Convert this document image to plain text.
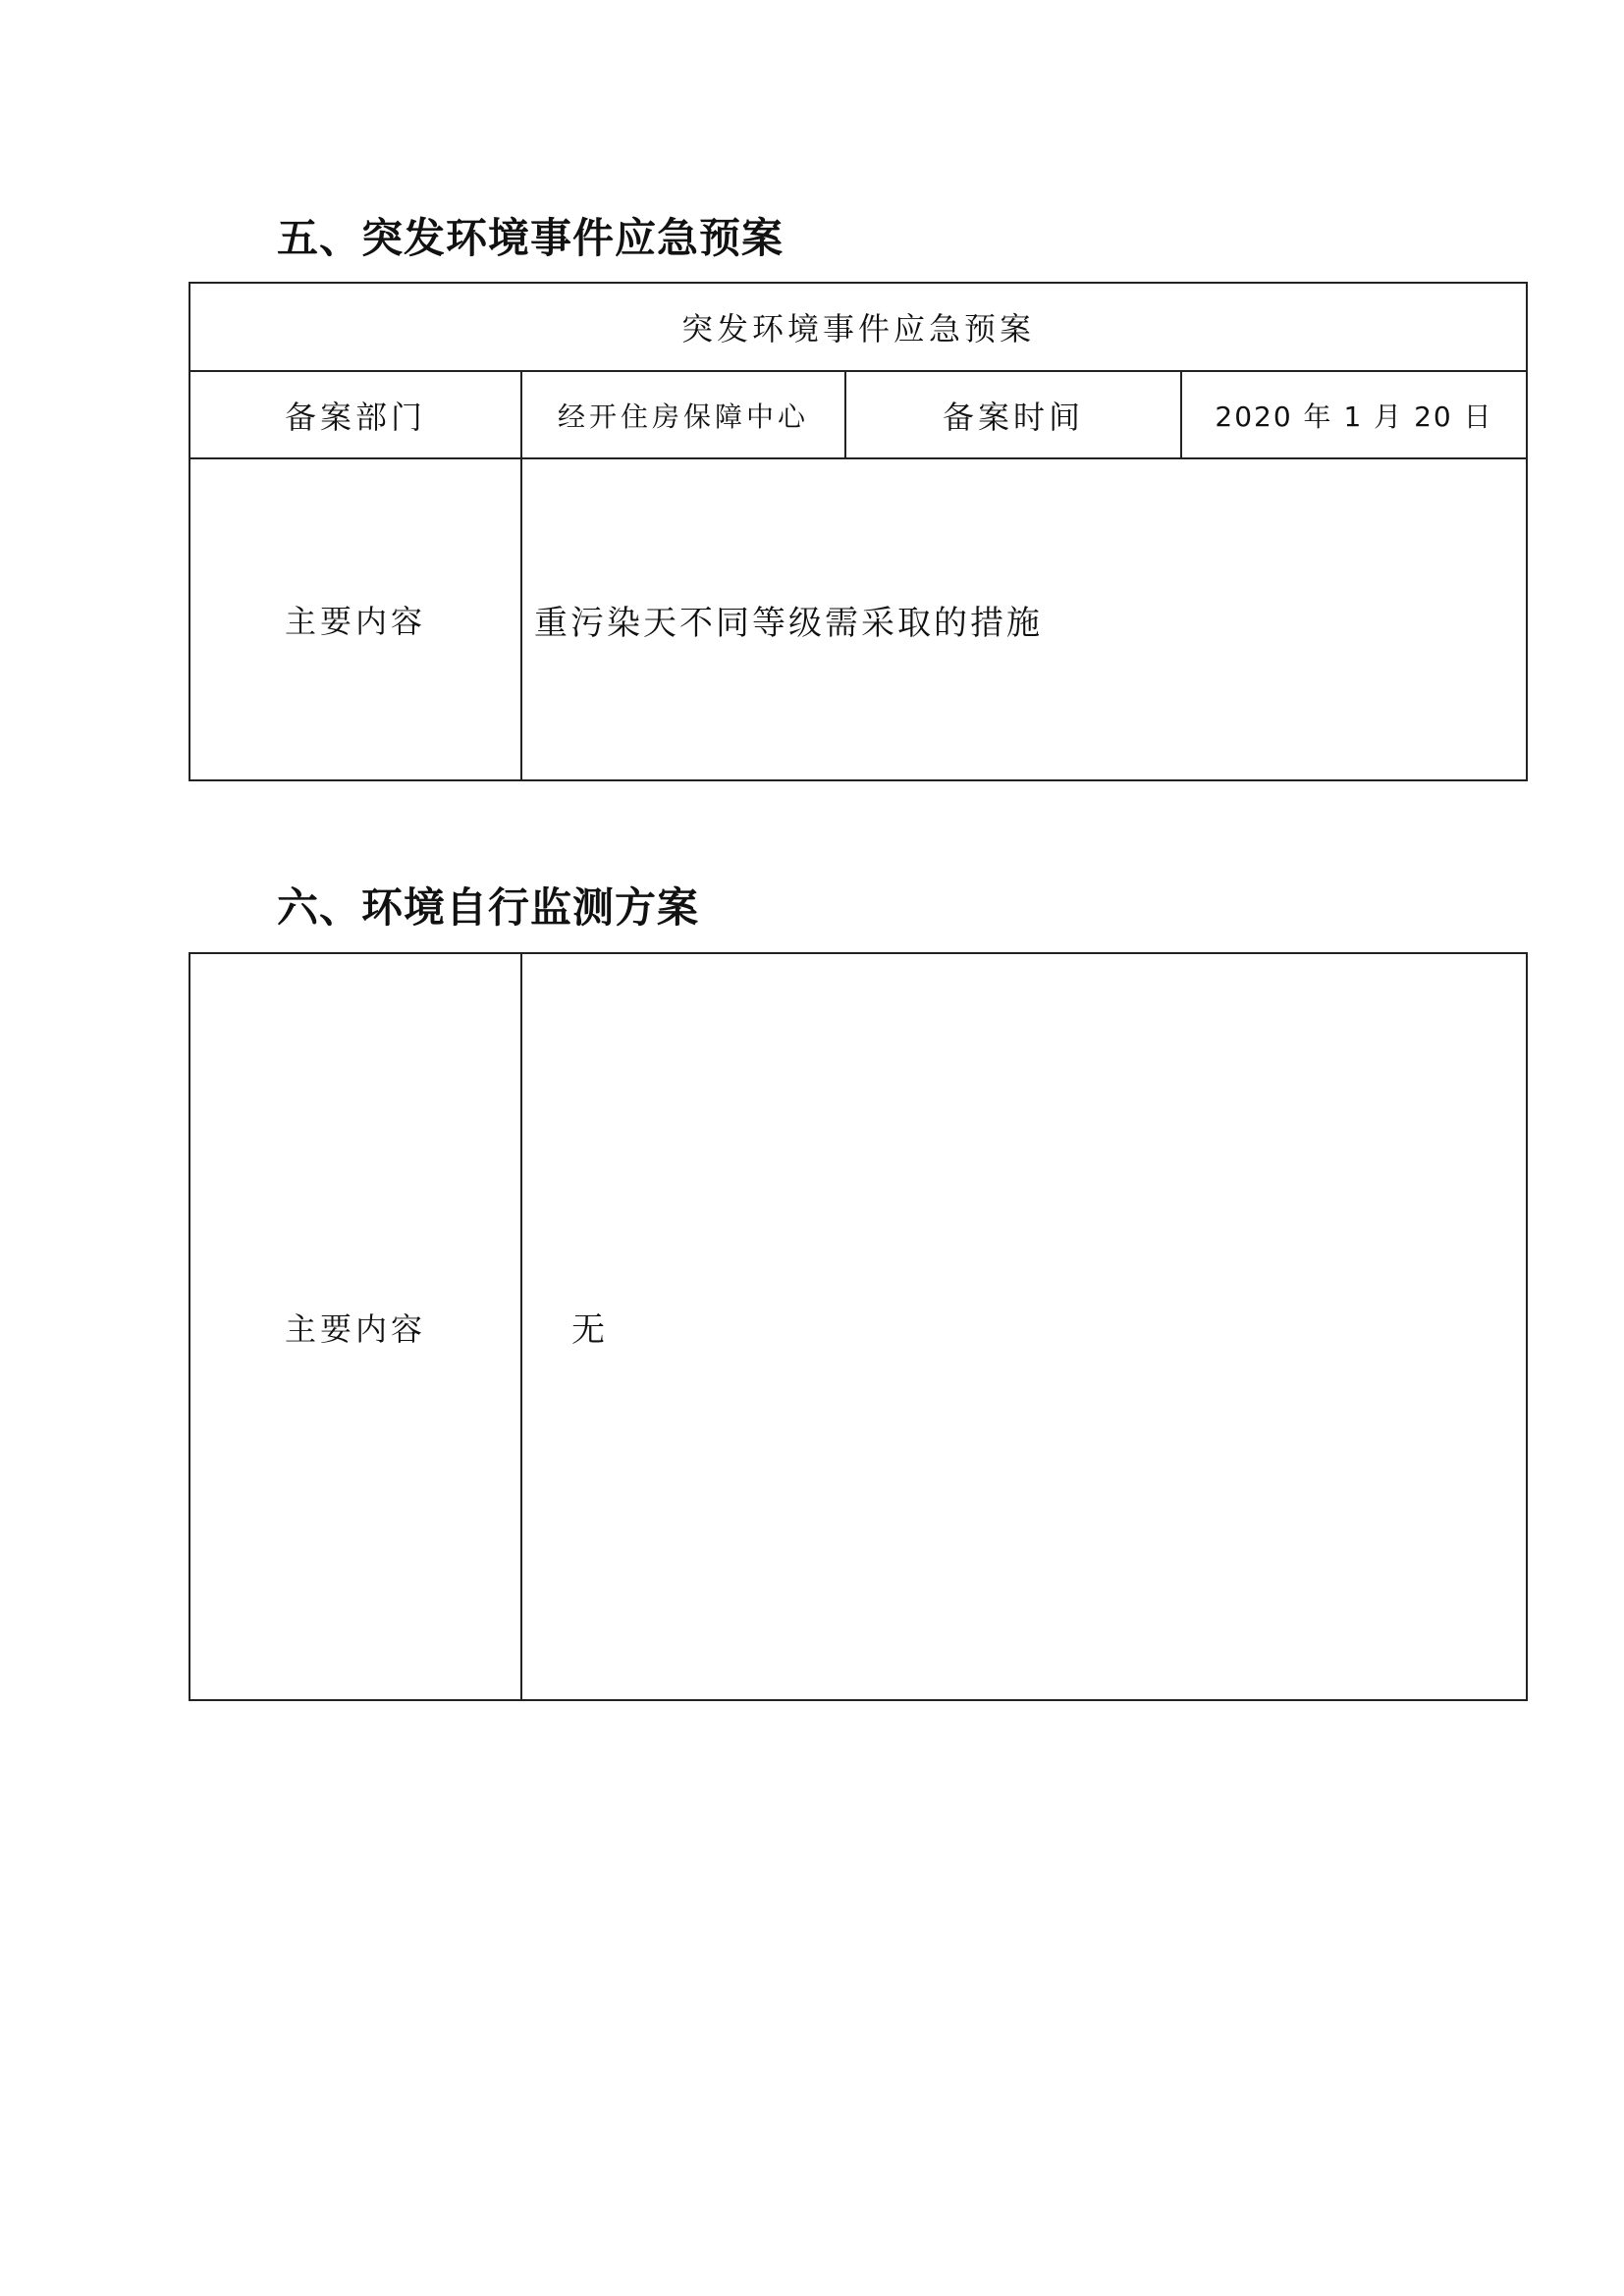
五、突发环境事件应急预案
突发环境事件应急预案
备案部门	经开住房保障中心	备案时间	2020 年 1 月 20 日
主要内容	重污染天不同等级需采取的措施
六、环境自行监测方案
主要内容	无
